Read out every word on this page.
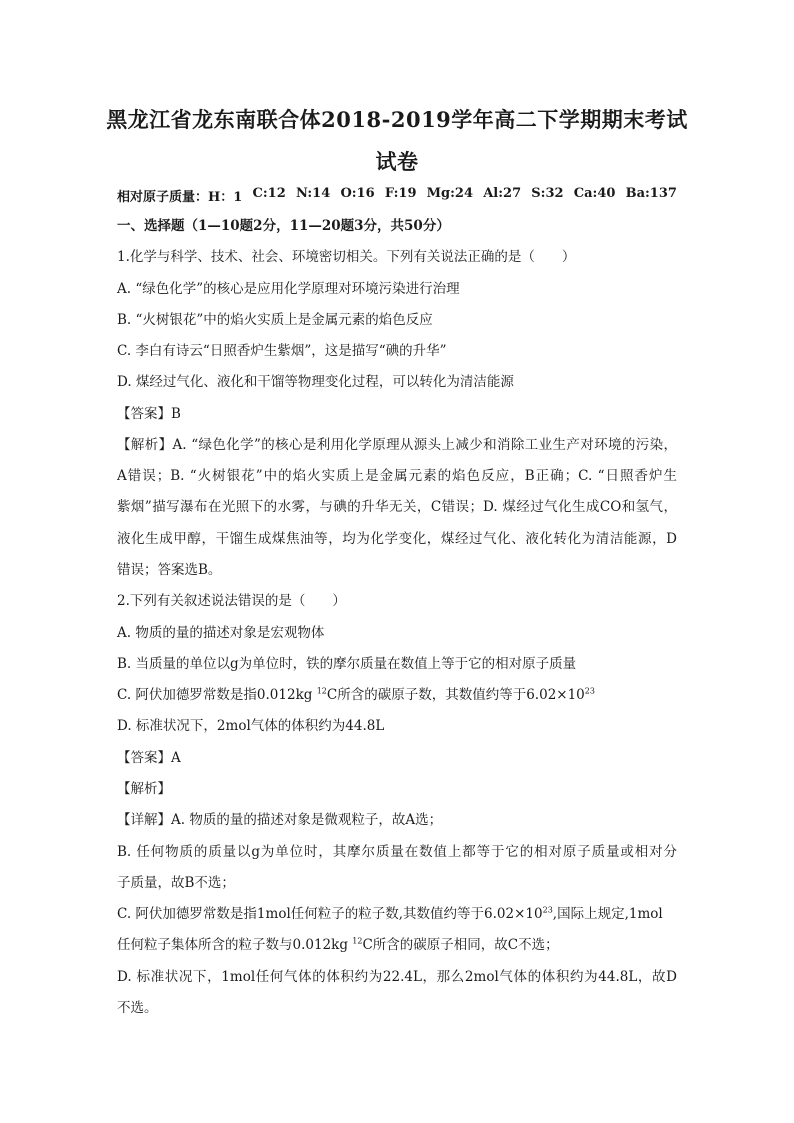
黑龙江省龙东南联合体2018-2019学年高二下学期期末考试
试卷
相对原子质量：H：1 C:12 N:14 O:16 F:19 Mg:24 Al:27 S:32 Ca:40 Ba:137
一、选择题（1—10题2分，11—20题3分，共50分）
1.化学与科学、技术、社会、环境密切相关。下列有关说法正确的是（　　）
A. “绿色化学”的核心是应用化学原理对环境污染进行治理
B. “火树银花”中的焰火实质上是金属元素的焰色反应
C. 李白有诗云“日照香炉生紫烟”，这是描写“碘的升华”
D. 煤经过气化、液化和干馏等物理变化过程，可以转化为清洁能源
【答案】B
【解析】A. “绿色化学”的核心是利用化学原理从源头上减少和消除工业生产对环境的污染，
A错误；B. “火树银花”中的焰火实质上是金属元素的焰色反应，B正确；C. “日照香炉生
紫烟”描写瀑布在光照下的水雾，与碘的升华无关，C错误；D. 煤经过气化生成CO和氢气，
液化生成甲醇，干馏生成煤焦油等，均为化学变化，煤经过气化、液化转化为清洁能源，D
错误；答案选B。
2.下列有关叙述说法错误的是（　　）
A. 物质的量的描述对象是宏观物体
B. 当质量的单位以g为单位时，铁的摩尔质量在数值上等于它的相对原子质量
C. 阿伏加德罗常数是指0.012kg $^{12}$C所含的碳原子数，其数值约等于$6.02\times 10^{23}$
D. 标准状况下，2mol气体的体积约为44.8L
【答案】A
【解析】
【详解】A. 物质的量的描述对象是微观粒子，故A选；
B. 任何物质的质量以g为单位时，其摩尔质量在数值上都等于它的相对原子质量或相对分
子质量，故B不选；
C. 阿伏加德罗常数是指1mol任何粒子的粒子数,其数值约等于$6.02\times 10^{23}$,国际上规定,1mol
任何粒子集体所含的粒子数与0.012kg $^{12}$C所含的碳原子相同，故C不选；
D. 标准状况下，1mol任何气体的体积约为22.4L，那么2mol气体的体积约为44.8L，故D
不选。
